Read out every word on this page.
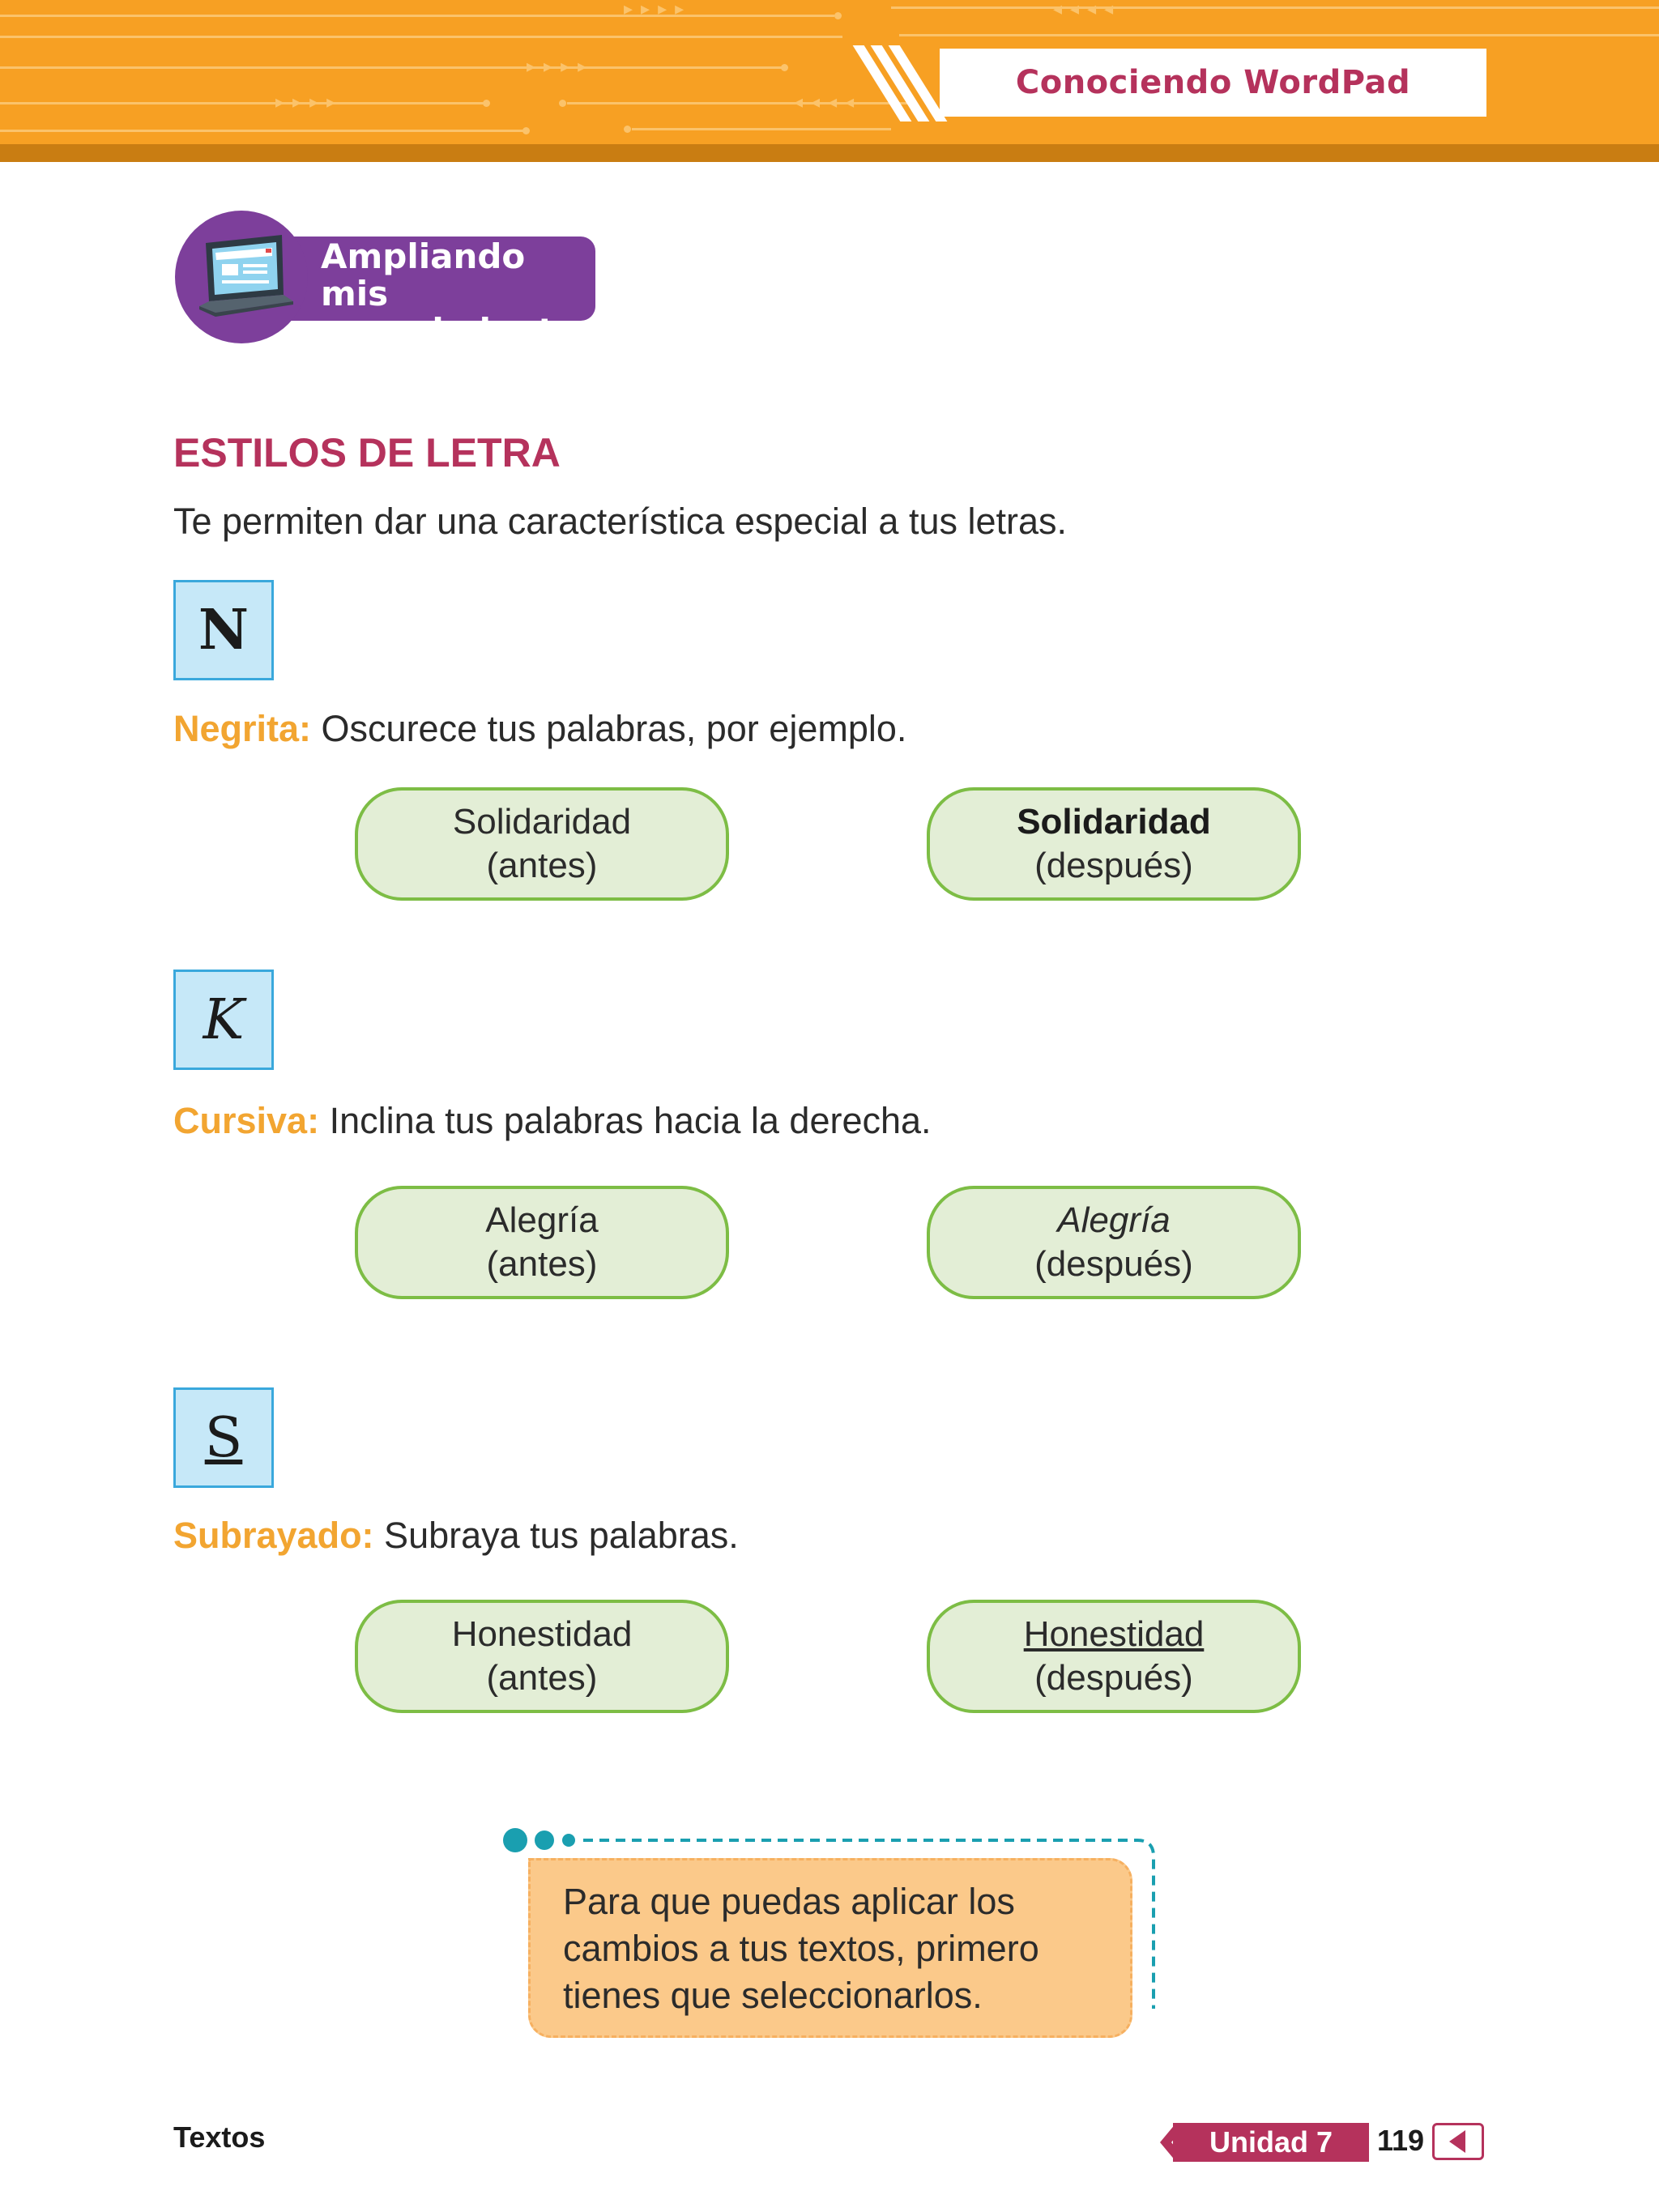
▸▸▸▸
▸▸▸▸
▸▸▸▸	◂◂◂◂
◂◂◂◂
Conociendo WordPad
Ampliando mis
conocimientos
ESTILOS DE LETRA
Te permiten dar una característica especial a tus letras.
N
Negrita: Oscurece tus palabras, por ejemplo.
Solidaridad
(antes)
Solidaridad
(después)
K
Cursiva: Inclina tus palabras hacia la derecha.
Alegría
(antes)
Alegría
(después)
S
Subrayado: Subraya tus palabras.
Honestidad
(antes)
Honestidad
(después)
Para que puedas aplicar los
cambios a tus textos, primero
tienes que seleccionarlos.
Textos	Unidad 7	119
